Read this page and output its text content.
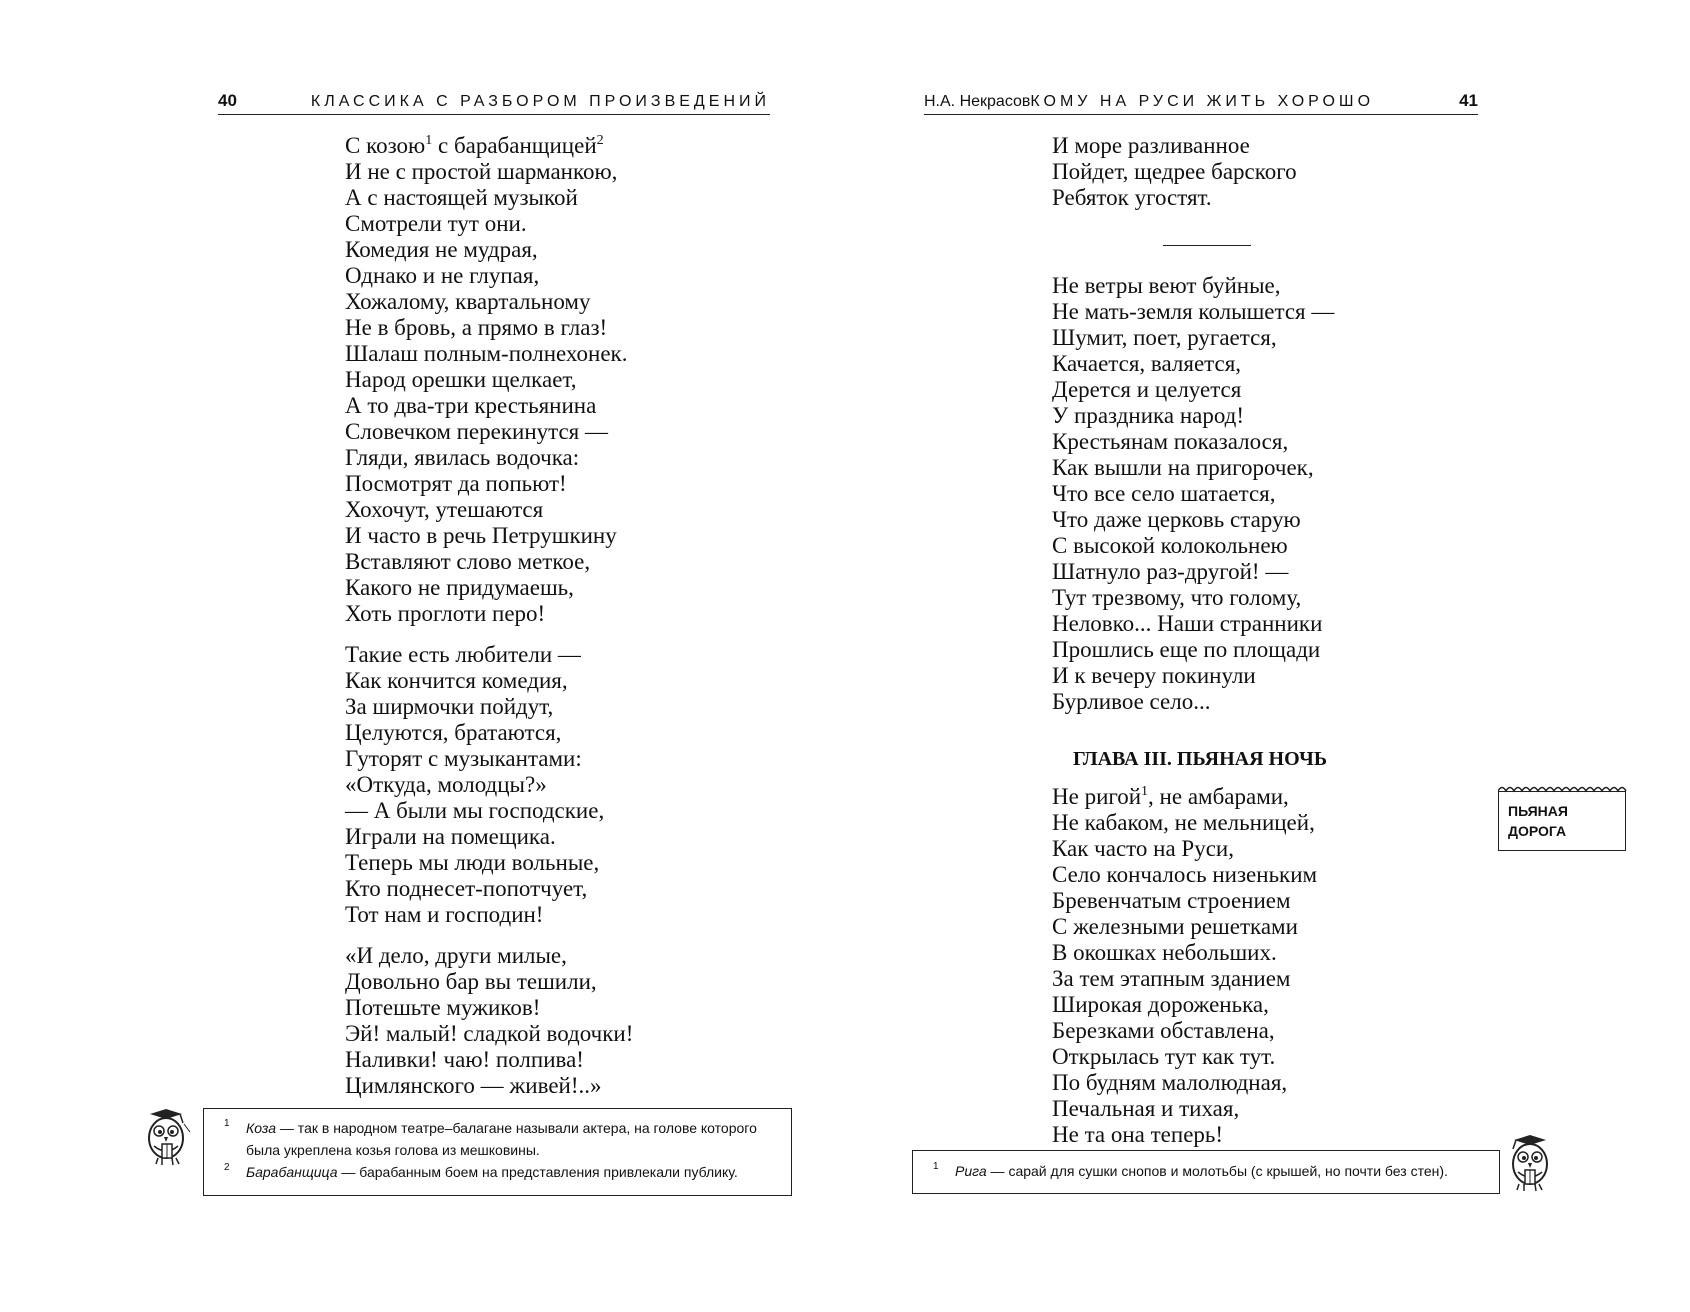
40	КЛАССИКА С РАЗБОРОМ ПРОИЗВЕДЕНИЙ	Н.А. НекрасовКОМУ НА РУСИ ЖИТЬ ХОРОШО	41
С козою$^1$ с барабанщицей$^2$
И не с простой шарманкою,
А с настоящей музыкой
Смотрели тут они.
Комедия не мудрая,
Однако и не глупая,
Хожалому, квартальному
Не в бровь, а прямо в глаз!
Шалаш полным-полнехонек.
Народ орешки щелкает,
А то два-три крестьянина
Словечком перекинутся —
Гляди, явилась водочка:
Посмотрят да попьют!
Хохочут, утешаются
И часто в речь Петрушкину
Вставляют слово меткое,
Какого не придумаешь,
Хоть проглоти перо!
Такие есть любители —
Как кончится комедия,
За ширмочки пойдут,
Целуются, братаются,
Гуторят с музыкантами:
«Откуда, молодцы?»
— А были мы господские,
Играли на помещика.
Теперь мы люди вольные,
Кто поднесет-попотчует,
Тот нам и господин!
«И дело, други милые,
Довольно бар вы тешили,
Потешьте мужиков!
Эй! малый! сладкой водочки!
Наливки! чаю! полпива!
Цимлянского — живей!..»
И море разливанное
Пойдет, щедрее барского
Ребяток угостят.
Не ветры веют буйные,
Не мать-земля колышется —
Шумит, поет, ругается,
Качается, валяется,
Дерется и целуется
У праздника народ!
Крестьянам показалося,
Как вышли на пригорочек,
Что все село шатается,
Что даже церковь старую
С высокой колокольнею
Шатнуло раз-другой! —
Тут трезвому, что голому,
Неловко... Наши странники
Прошлись еще по площади
И к вечеру покинули
Бурливое село...
ГЛАВА III. ПЬЯНАЯ НОЧЬ
Не ригой$^1$, не амбарами,
Не кабаком, не мельницей,
Как часто на Руси,
Село кончалось низеньким
Бревенчатым строением
С железными решетками
В окошках небольших.
За тем этапным зданием
Широкая дороженька,
Березками обставлена,
Открылась тут как тут.
По будням малолюдная,
Печальная и тихая,
Не та она теперь!
ПЬЯНАЯ
ДОРОГА
1 Коза — так в народном театре–балагане называли актера, на голове которого была укреплена козья голова из мешковины.
2 Барабанщица — барабанным боем на представления привлекали публику.	1 Рига — сарай для сушки снопов и молотьбы (с крышей, но почти без стен).
